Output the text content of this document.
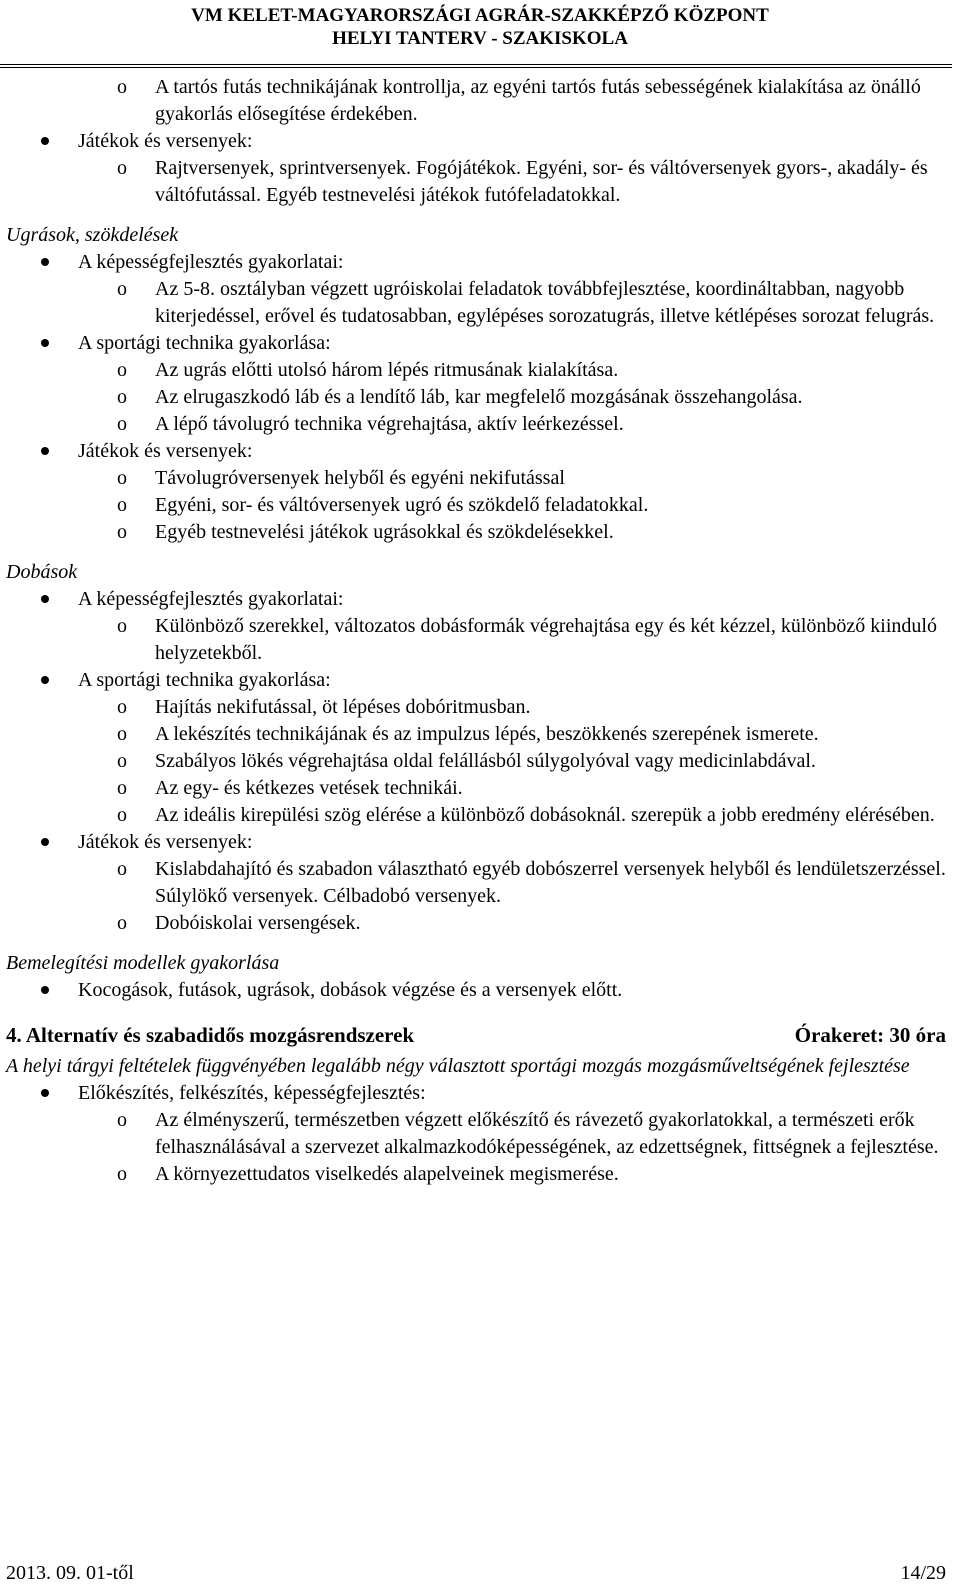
VM KELET-MAGYARORSZÁGI AGRÁR-SZAKKÉPZŐ KÖZPONT
HELYI TANTERV - SZAKISKOLA
o A tartós futás technikájának kontrollja, az egyéni tartós futás sebességének kialakítása az önálló gyakorlás elősegítése érdekében.
Játékok és versenyek:
o Rajtversenyek, sprintversenyek. Fogójátékok. Egyéni, sor- és váltóversenyek gyors-, akadály- és váltófutással. Egyéb testnevelési játékok futófeladatokkal.
Ugrások, szökdelések
A képességfejlesztés gyakorlatai:
o Az 5-8. osztályban végzett ugróiskolai feladatok továbbfejlesztése, koordináltabban, nagyobb kiterjedéssel, erővel és tudatosabban, egylépéses sorozatugrás, illetve kétlépéses sorozat felugrás.
A sportági technika gyakorlása:
o Az ugrás előtti utolsó három lépés ritmusának kialakítása.
o Az elrugaszkodó láb és a lendítő láb, kar megfelelő mozgásának összehangolása.
o A lépő távolugró technika végrehajtása, aktív leérkezéssel.
Játékok és versenyek:
o Távolugróversenyek helyből és egyéni nekifutással
o Egyéni, sor- és váltóversenyek ugró és szökdelő feladatokkal.
o Egyéb testnevelési játékok ugrásokkal és szökdelésekkel.
Dobások
A képességfejlesztés gyakorlatai:
o Különböző szerekkel, változatos dobásformák végrehajtása egy és két kézzel, különböző kiinduló helyzetekből.
A sportági technika gyakorlása:
o Hajítás nekifutással, öt lépéses dobóritmusban.
o A lekészítés technikájának és az impulzus lépés, beszökkenés szerepének ismerete.
o Szabályos lökés végrehajtása oldal felállásból súlygolyóval vagy medicinlabdával.
o Az egy- és kétkezes vetések technikái.
o Az ideális kirepülési szög elérése a különböző dobásoknál. szerepük a jobb eredmény elérésében.
Játékok és versenyek:
o Kislabdahajító és szabadon választható egyéb dobószerrel versenyek helyből és lendületszerzéssel. Súlylökő versenyek. Célbadobó versenyek.
o Dobóiskolai versengések.
Bemelegítési modellek gyakorlása
Kocogások, futások, ugrások, dobások végzése és a versenyek előtt.
4. Alternatív és szabadidős mozgásrendszerek	Órakeret: 30 óra
A helyi tárgyi feltételek függvényében legalább négy választott sportági mozgás mozgásműveltségének fejlesztése
Előkészítés, felkészítés, képességfejlesztés:
o Az élményszerű, természetben végzett előkészítő és rávezető gyakorlatokkal, a természeti erők felhasználásával a szervezet alkalmazkodóképességének, az edzettségnek, fittségnek a fejlesztése.
o A környezettudatos viselkedés alapelveinek megismerése.
2013. 09. 01-től	14/29
